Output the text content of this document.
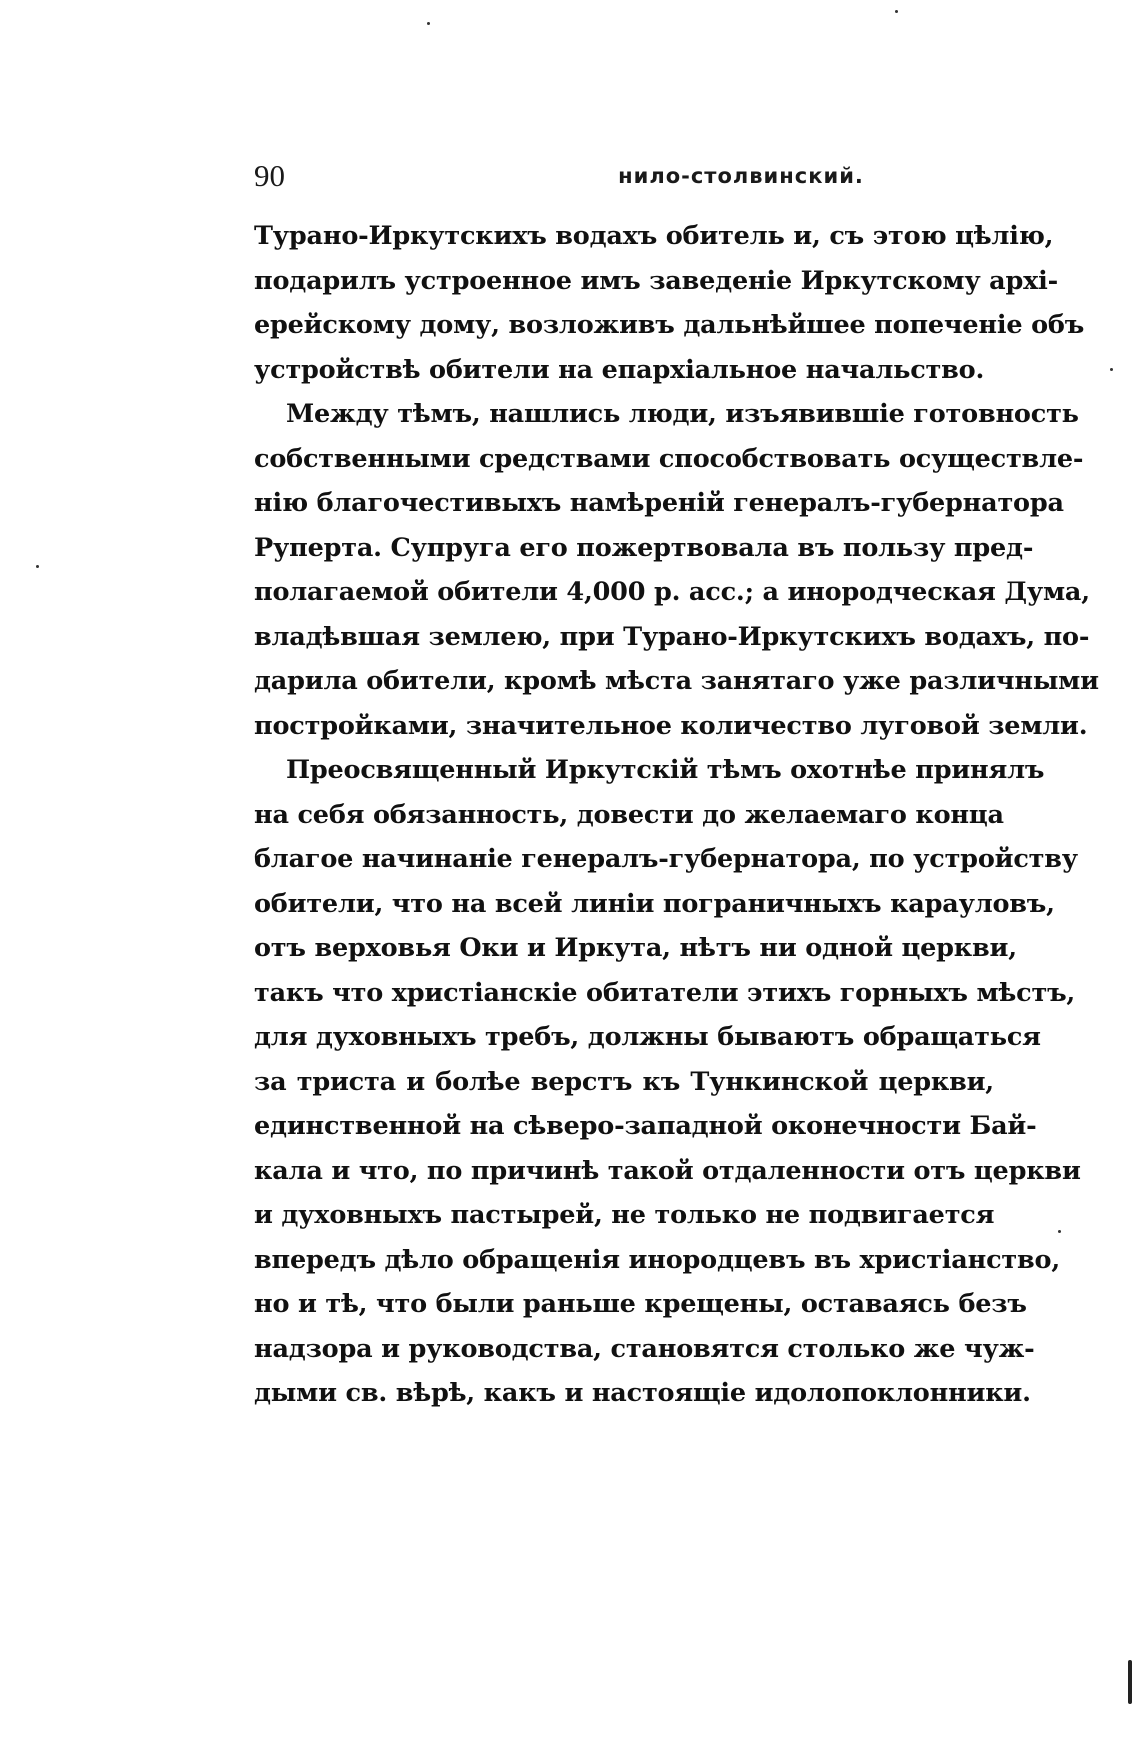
90	нило-столвинский.
Турано-Иркутскихъ водахъ обитель и, съ этою цѣлію,
подарилъ устроенное имъ заведеніе Иркутскому архі-
ерейскому дому, возложивъ дальнѣйшее попеченіе объ
устройствѣ обители на епархіальное начальство.
Между тѣмъ, нашлись люди, изъявившіе готовность
собственными средствами способствовать осуществле-
нію благочестивыхъ намѣреній генералъ-губернатора
Руперта. Супруга его пожертвовала въ пользу пред-
полагаемой обители 4,000 р. асс.; а инородческая Дума,
владѣвшая землею, при Турано-Иркутскихъ водахъ, по-
дарила обители, кромѣ мѣста занятаго уже различными
постройками, значительное количество луговой земли.
Преосвященный Иркутскій тѣмъ охотнѣе принялъ
на себя обязанность, довести до желаемаго конца
благое начинаніе генералъ-губернатора, по устройству
обители, что на всей линіи пограничныхъ карауловъ,
отъ верховья Оки и Иркута, нѣтъ ни одной церкви,
такъ что христіанскіе обитатели этихъ горныхъ мѣстъ,
для духовныхъ требъ, должны бываютъ обращаться
за триста и болѣе верстъ къ Тункинской церкви,
единственной на сѣверо-западной оконечности Бай-
кала и что, по причинѣ такой отдаленности отъ церкви
и духовныхъ пастырей, не только не подвигается
впередъ дѣло обращенія инородцевъ въ христіанство,
но и тѣ, что были раньше крещены, оставаясь безъ
надзора и руководства, становятся столько же чуж-
дыми св. вѣрѣ, какъ и настоящіе идолопоклонники.
